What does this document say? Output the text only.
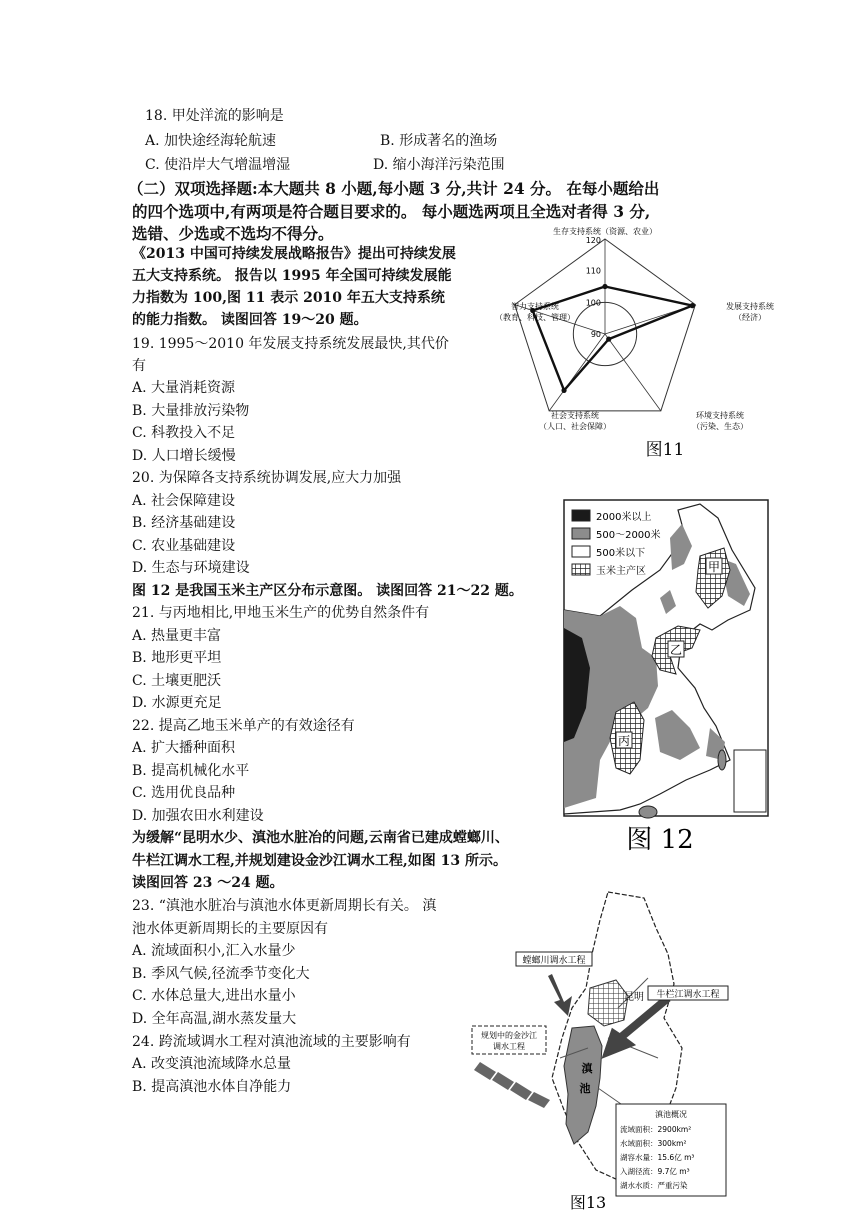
18. 甲处洋流的影响是
A. 加快途经海轮航速	B. 形成著名的渔场
C. 使沿岸大气增温增湿	D. 缩小海洋污染范围
（二）双项选择题:本大题共 8 小题,每小题 3 分,共计 24 分。 在每小题给出
的四个选项中,有两项是符合题目要求的。 每小题选两项且全选对者得 3 分,
选错、少选或不选均不得分。
《2013 中国可持续发展战略报告》提出可持续发展
五大支持系统。 报告以 1995 年全国可持续发展能
力指数为 100,图 11 表示 2010 年五大支持系统
的能力指数。 读图回答 19～20 题。
19. 1995～2010 年发展支持系统发展最快,其代价
有
A. 大量消耗资源
B. 大量排放污染物
C. 科教投入不足
D. 人口增长缓慢
20. 为保障各支持系统协调发展,应大力加强
A. 社会保障建设
B. 经济基础建设
C. 农业基础建设
D. 生态与环境建设
图 12 是我国玉米主产区分布示意图。 读图回答 21～22 题。
21. 与丙地相比,甲地玉米生产的优势自然条件有
A. 热量更丰富
B. 地形更平坦
C. 土壤更肥沃
D. 水源更充足
22. 提高乙地玉米单产的有效途径有
A. 扩大播种面积
B. 提高机械化水平
C. 选用优良品种
D. 加强农田水利建设
为缓解“昆明水少、滇池水脏冶的问题,云南省已建成螳螂川、
牛栏江调水工程,并规划建设金沙江调水工程,如图 13 所示。
读图回答 23 ～24 题。
23. “滇池水脏冶与滇池水体更新周期长有关。 滇
池水体更新周期长的主要原因有
A. 流域面积小,汇入水量少
B. 季风气候,径流季节变化大
C. 水体总量大,进出水量小
D. 全年高温,湖水蒸发量大
24. 跨流域调水工程对滇池流域的主要影响有
A. 改变滇池流域降水总量
B. 提高滇池水体自净能力
90
100
110
120
生存支持系统（资源、农业）
发展支持系统
（经济）
智力支持系统
（教育、科技、管理）
社会支持系统
（人口、社会保障）
环境支持系统
（污染、生态）
图11
甲
乙
丙
2000米以上
500～2000米
500米以下
玉米主产区
图 12
螳螂川调水工程
牛栏江调水工程
规划中的金沙江
调水工程
昆明
滇
池
滇池概况
流域面积：2900km²
水域面积：300km²
湖容水量：15.6亿 m³
入湖径流：9.7亿 m³
湖水水质：严重污染
图13
